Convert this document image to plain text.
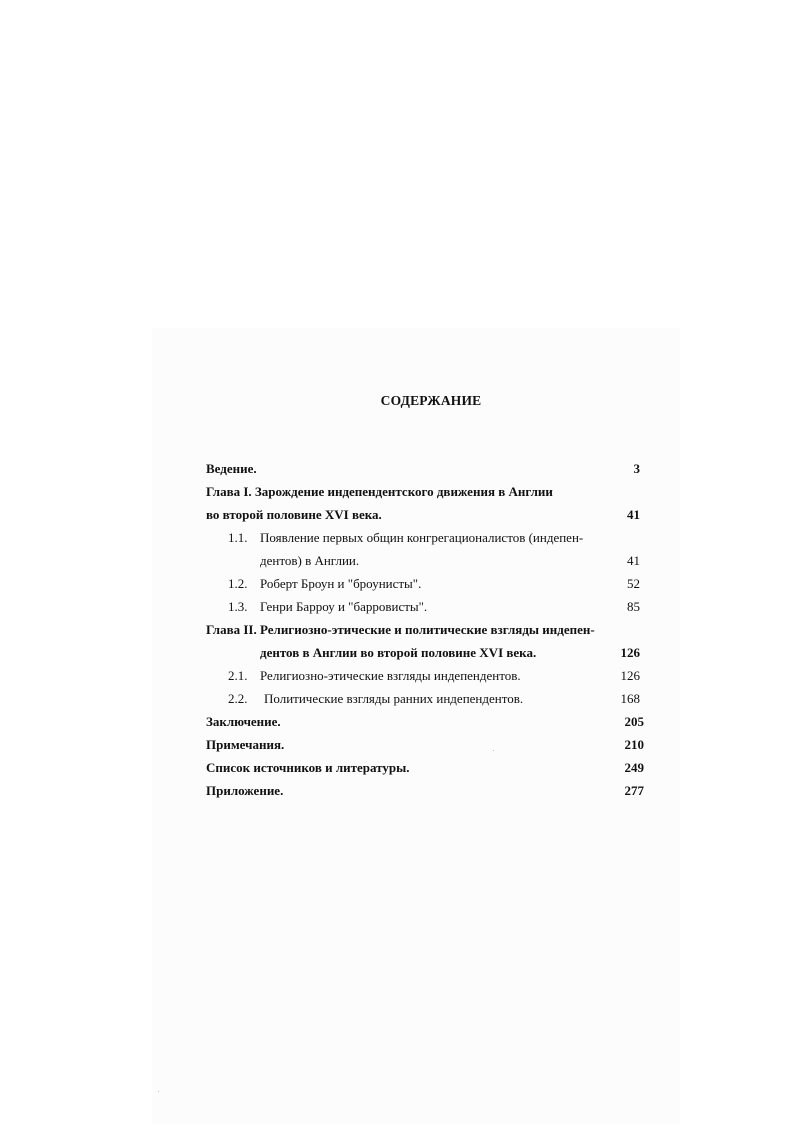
СОДЕРЖАНИЕ
Ведение.	3
Глава I. Зарождение индепендентского движения в Англии
во второй половине XVI века.	41
1.1. Появление первых общин конгрегационалистов (индепен-
дентов) в Англии.	41
1.2. Роберт Броун и "броунисты".	52
1.3. Генри Барроу и "барровисты".	85
Глава II. Религиозно-этические и политические взгляды индепен-
дентов в Англии во второй половине XVI века.	126
2.1. Религиозно-этические взгляды индепендентов.	126
2.2. Политические взгляды ранних индепендентов.	168
Заключение.	205
Примечания.	210
Список источников и литературы.	249
Приложение.	277
